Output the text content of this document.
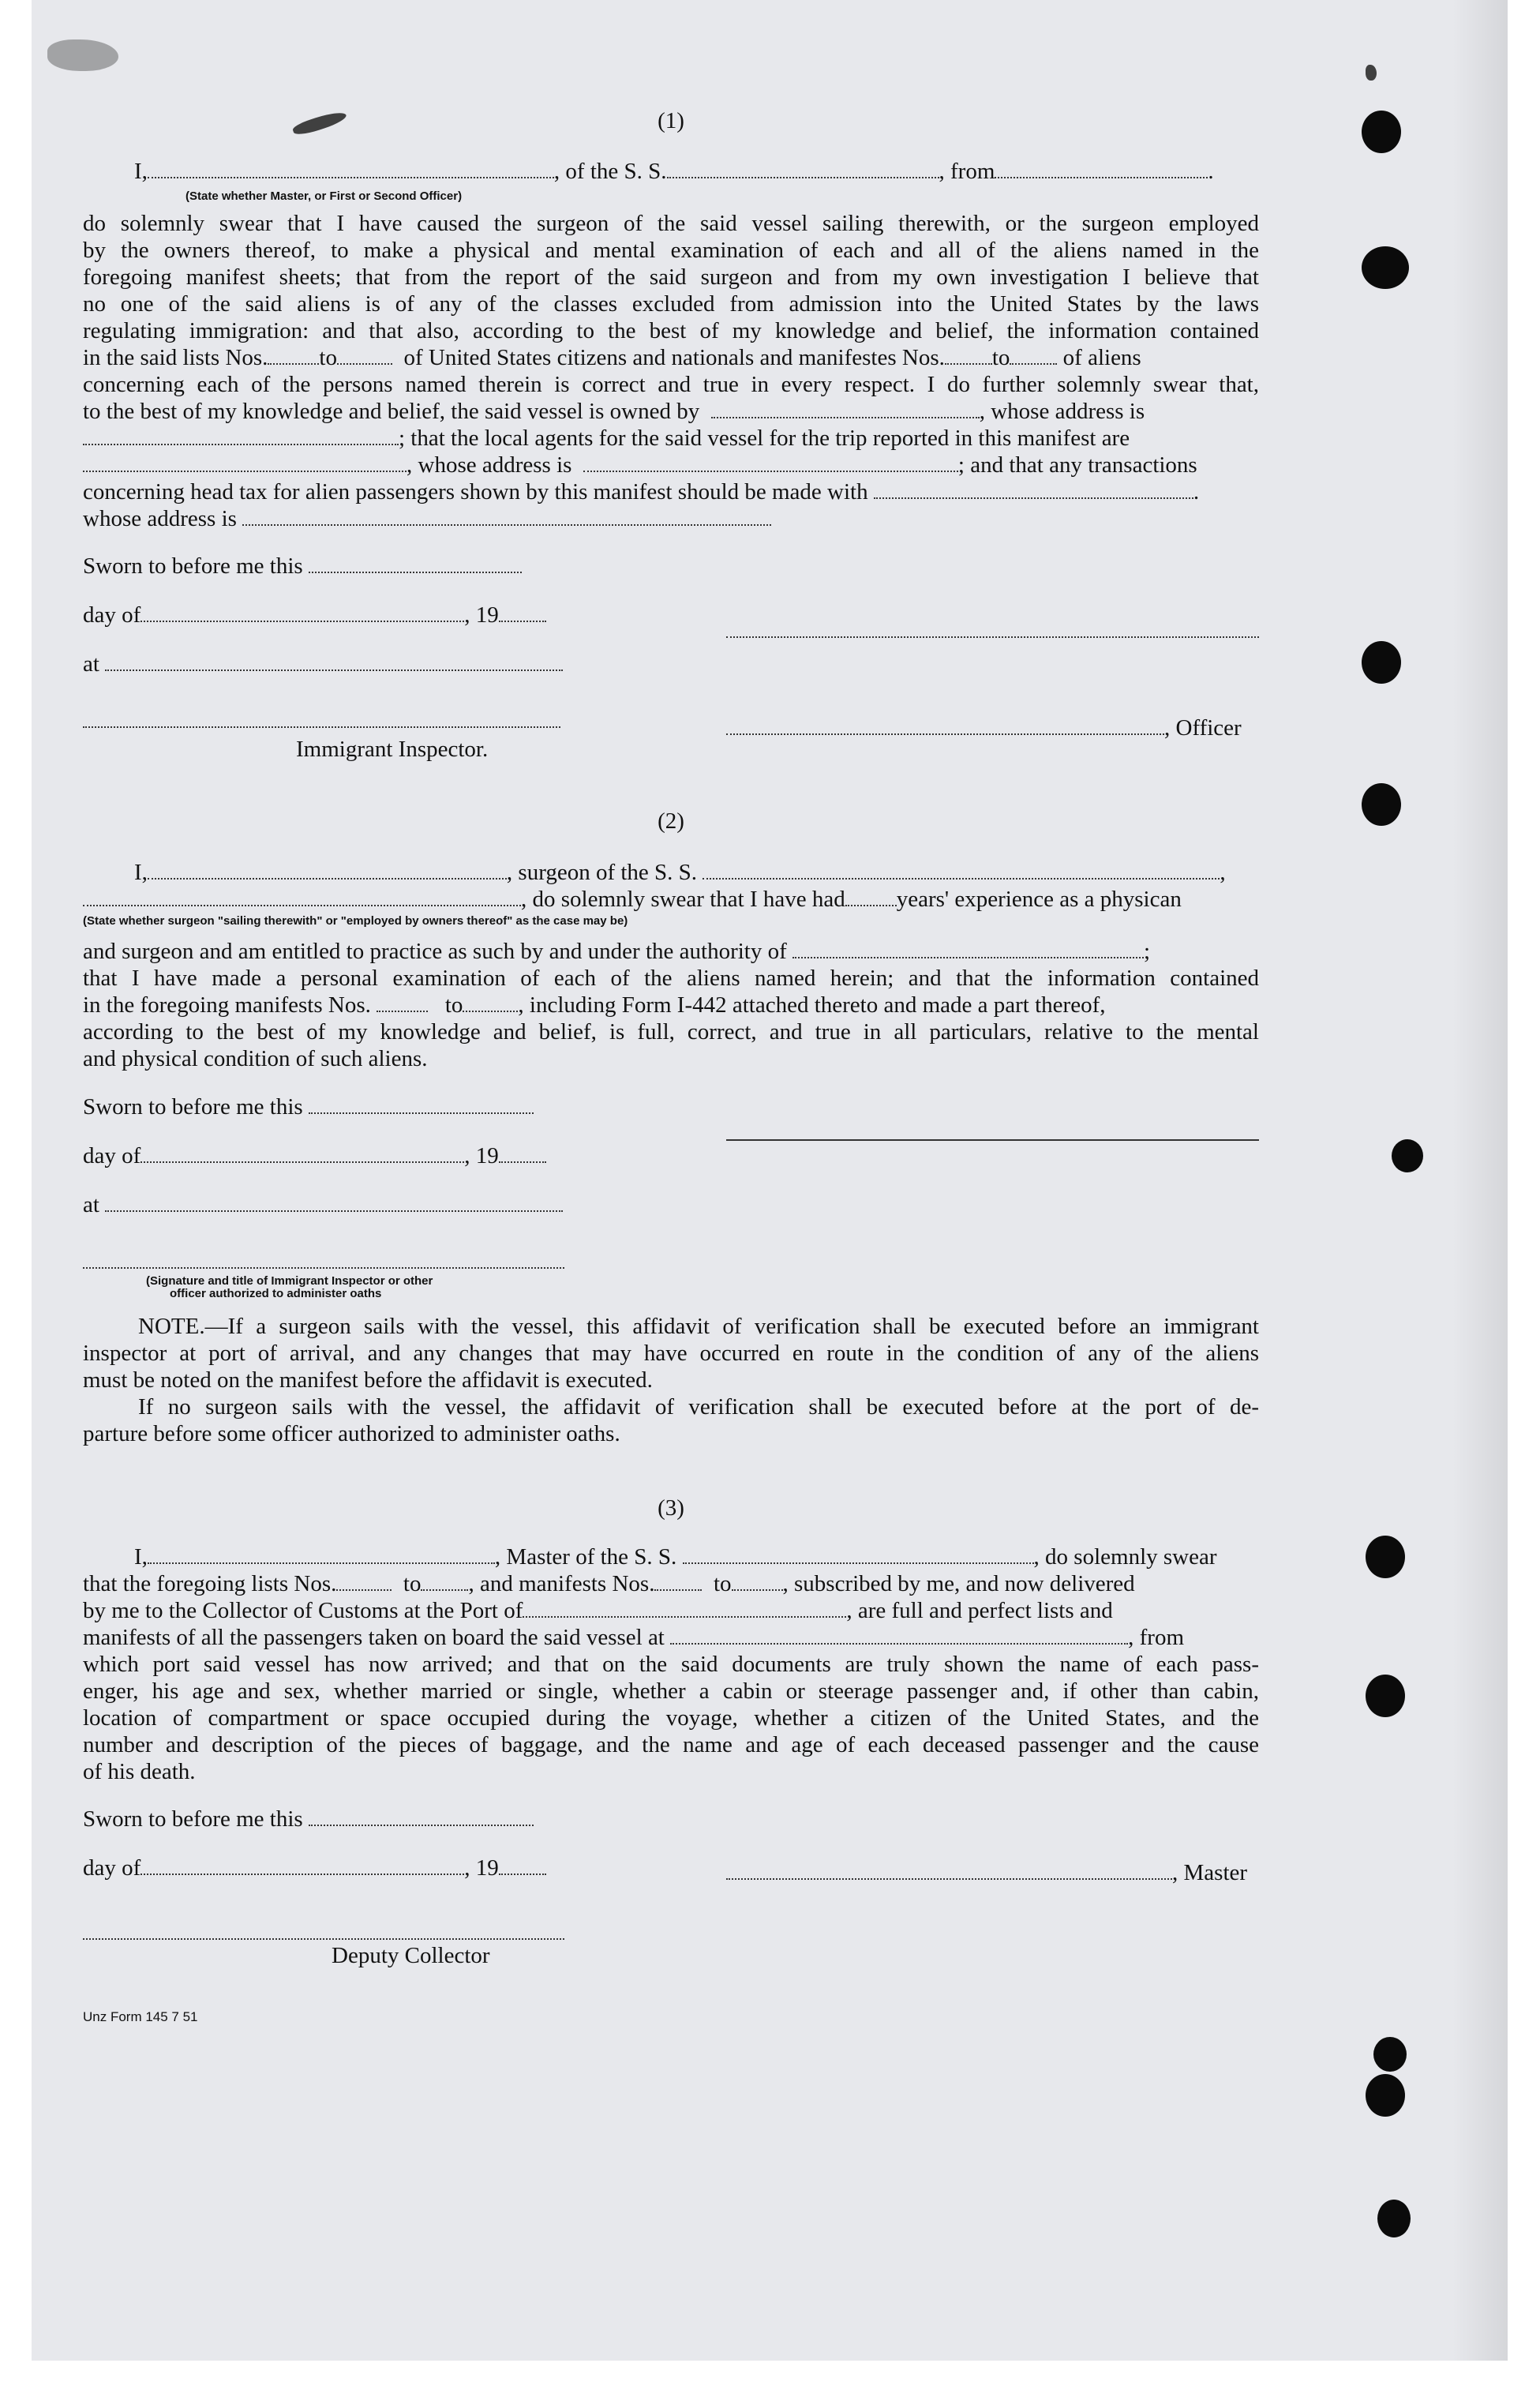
(1)
I,	, of the S. S.	, from	.
(State whether Master, or First or Second Officer)
do solemnly swear that I have caused the surgeon of the said vessel sailing therewith, or the surgeon employed
by the owners thereof, to make a physical and mental examination of each and all of the aliens named in the
foregoing manifest sheets; that from the report of the said surgeon and from my own investigation I believe that
no one of the said aliens is of any of the classes excluded from admission into the United States by the laws
regulating immigration: and that also, according to the best of my knowledge and belief, the information contained
in the said lists Nos. to	of United States citizens and nationals and manifestes Nos. to of aliens
concerning each of the persons named therein is correct and true in every respect. I do further solemnly swear that,
to the best of my knowledge and belief, the said vessel is owned by	, whose address is
; that the local agents for the said vessel for the trip reported in this manifest are
, whose address is	; and that any transactions
concerning head tax for alien passengers shown by this manifest should be made with	.
whose address is
Sworn to before me this
day of	, 19
at
, Officer
Immigrant Inspector.
(2)
I,	, surgeon of the S. S.	,
, do solemnly swear that I have had years' experience as a physican
(State whether surgeon "sailing therewith" or "employed by owners thereof" as the case may be)
and surgeon and am entitled to practice as such by and under the authority of	;
that I have made a personal examination of each of the aliens named herein; and that the information contained
in the foregoing manifests Nos.	to , including Form I-442 attached thereto and made a part thereof,
according to the best of my knowledge and belief, is full, correct, and true in all particulars, relative to the mental
and physical condition of such aliens.
Sworn to before me this
day of	, 19
at
(Signature and title of Immigrant Inspector or other
officer authorized to administer oaths
NOTE.—If a surgeon sails with the vessel, this affidavit of verification shall be executed before an immigrant
inspector at port of arrival, and any changes that may have occurred en route in the condition of any of the aliens
must be noted on the manifest before the affidavit is executed.
If no surgeon sails with the vessel, the affidavit of verification shall be executed before at the port of de-
parture before some officer authorized to administer oaths.
(3)
I,	, Master of the S. S.	, do solemnly swear
that the foregoing lists Nos.	to , and manifests Nos.	to , subscribed by me, and now delivered
by me to the Collector of Customs at the Port of	, are full and perfect lists and
manifests of all the passengers taken on board the said vessel at	, from
which port said vessel has now arrived; and that on the said documents are truly shown the name of each pass-
enger, his age and sex, whether married or single, whether a cabin or steerage passenger and, if other than cabin,
location of compartment or space occupied during the voyage, whether a citizen of the United States, and the
number and description of the pieces of baggage, and the name and age of each deceased passenger and the cause
of his death.
Sworn to before me this
day of	, 19	, Master
Deputy Collector
Unz Form 145 7 51
